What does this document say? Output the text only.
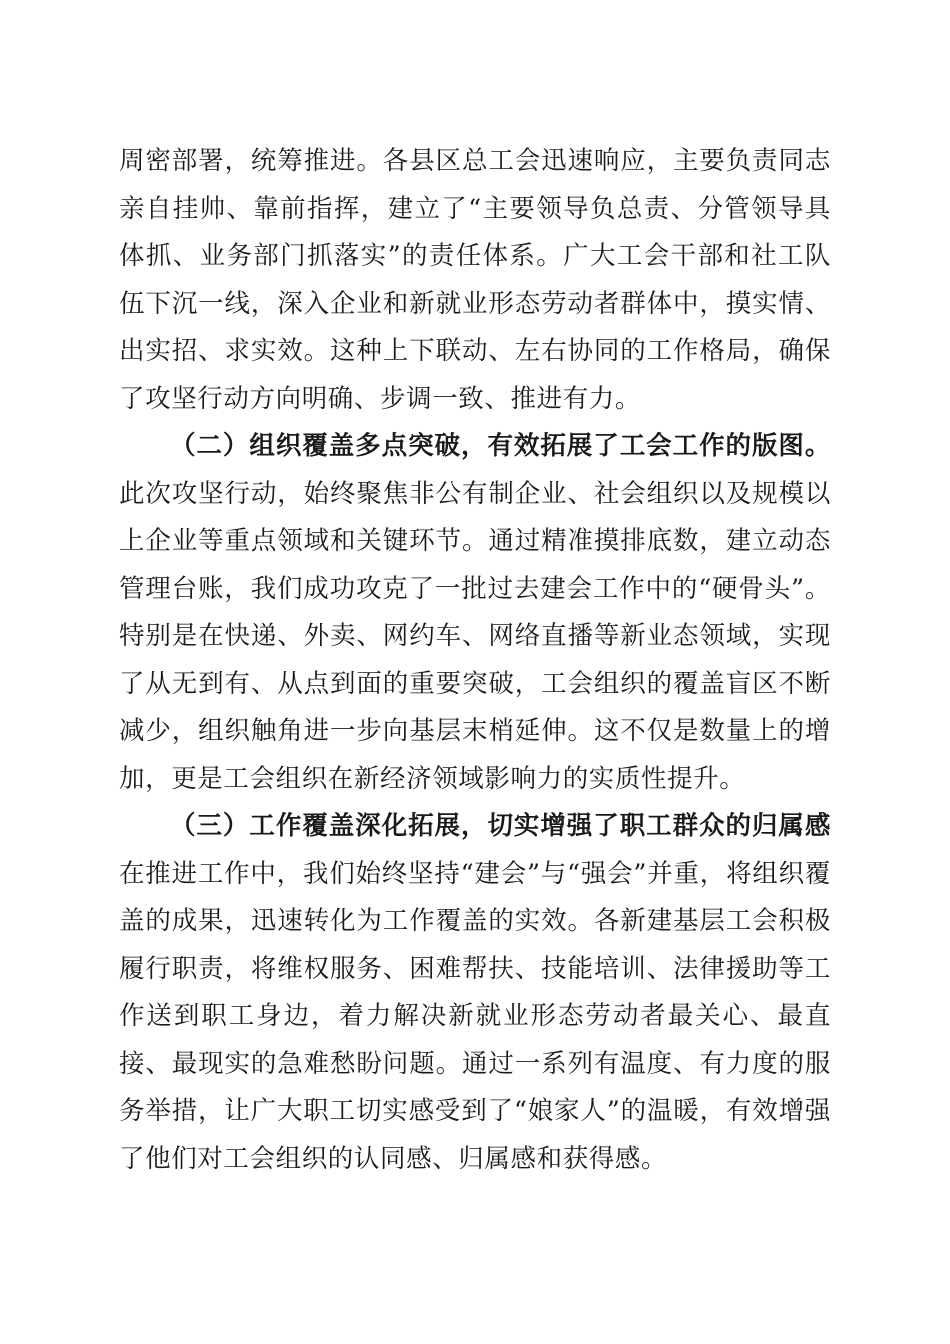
周密部署，统筹推进。各县区总工会迅速响应，主要负责同志亲自挂帅、靠前指挥，建立了“主要领导负总责、分管领导具体抓、业务部门抓落实”的责任体系。广大工会干部和社工队伍下沉一线，深入企业和新就业形态劳动者群体中，摸实情、出实招、求实效。这种上下联动、左右协同的工作格局，确保了攻坚行动方向明确、步调一致、推进有力。

（二）组织覆盖多点突破，有效拓展了工会工作的版图。此次攻坚行动，始终聚焦非公有制企业、社会组织以及规模以上企业等重点领域和关键环节。通过精准摸排底数，建立动态管理台账，我们成功攻克了一批过去建会工作中的“硬骨头”。特别是在快递、外卖、网约车、网络直播等新业态领域，实现了从无到有、从点到面的重要突破，工会组织的覆盖盲区不断减少，组织触角进一步向基层末梢延伸。这不仅是数量上的增加，更是工会组织在新经济领域影响力的实质性提升。

（三）工作覆盖深化拓展，切实增强了职工群众的归属感在推进工作中，我们始终坚持“建会”与“强会”并重，将组织覆盖的成果，迅速转化为工作覆盖的实效。各新建基层工会积极履行职责，将维权服务、困难帮扶、技能培训、法律援助等工作送到职工身边，着力解决新就业形态劳动者最关心、最直接、最现实的急难愁盼问题。通过一系列有温度、有力度的服务举措，让广大职工切实感受到了“娘家人”的温暖，有效增强了他们对工会组织的认同感、归属感和获得感。
